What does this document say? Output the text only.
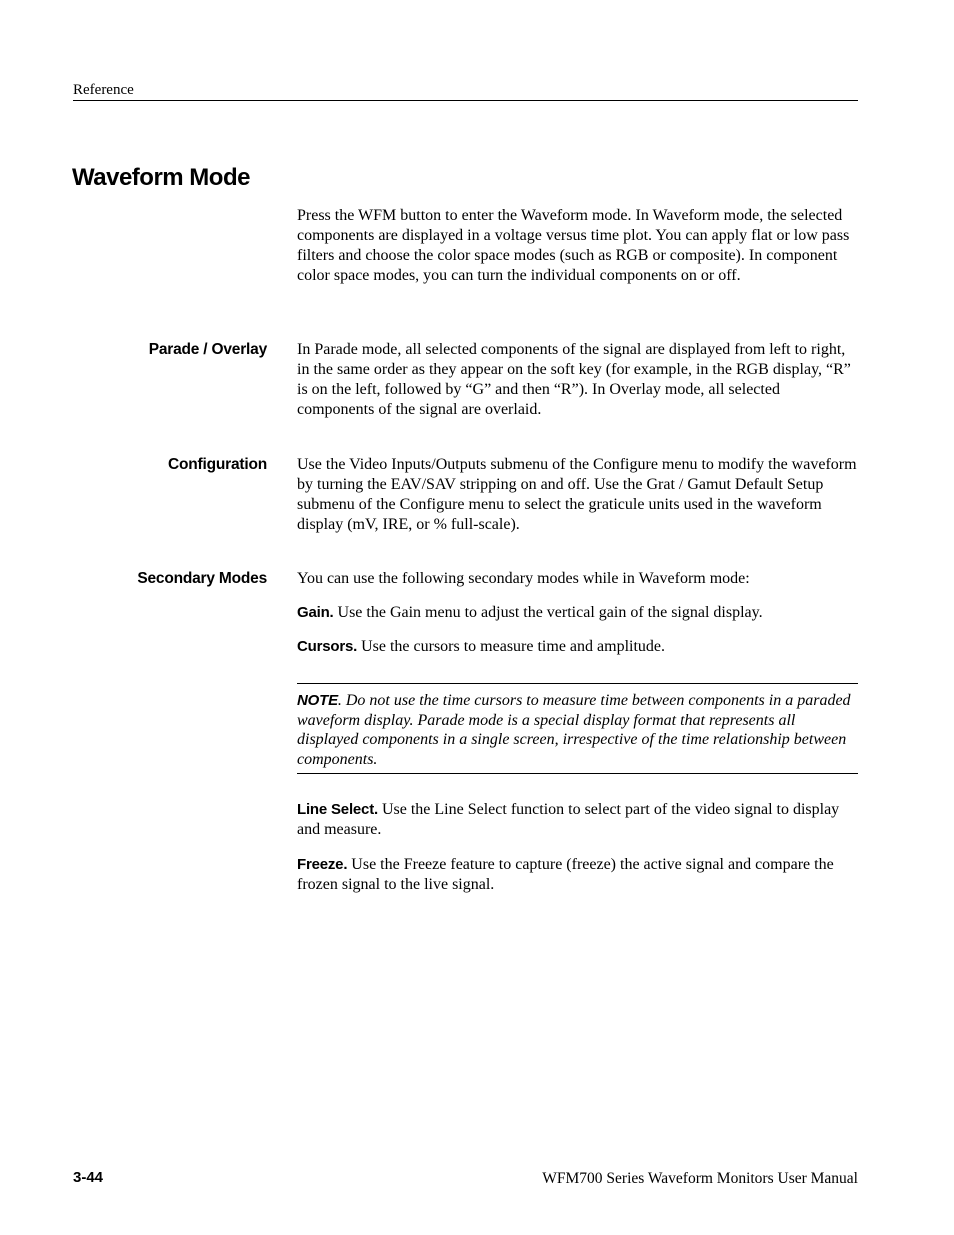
Reference
Waveform Mode

Press the WFM button to enter the Waveform mode. In Waveform mode, the selected components are displayed in a voltage versus time plot. You can apply flat or low pass filters and choose the color space modes (such as RGB or composite). In component color space modes, you can turn the individual components on or off.

Parade / Overlay In Parade mode, all selected components of the signal are displayed from left to right, in the same order as they appear on the soft key (for example, in the RGB display, “R” is on the left, followed by “G” and then “R”). In Overlay mode, all selected components of the signal are overlaid.

Configuration Use the Video Inputs/Outputs submenu of the Configure menu to modify the waveform by turning the EAV/SAV stripping on and off. Use the Grat / Gamut Default Setup submenu of the Configure menu to select the graticule units used in the waveform display (mV, IRE, or % full-scale).

Secondary Modes You can use the following secondary modes while in Waveform mode:

Gain. Use the Gain menu to adjust the vertical gain of the signal display.

Cursors. Use the cursors to measure time and amplitude.

NOTE. Do not use the time cursors to measure time between components in a paraded waveform display. Parade mode is a special display format that represents all displayed components in a single screen, irrespective of the time relationship between components.

Line Select. Use the Line Select function to select part of the video signal to display and measure.

Freeze. Use the Freeze feature to capture (freeze) the active signal and compare the frozen signal to the live signal.

3-44	WFM700 Series Waveform Monitors User Manual
